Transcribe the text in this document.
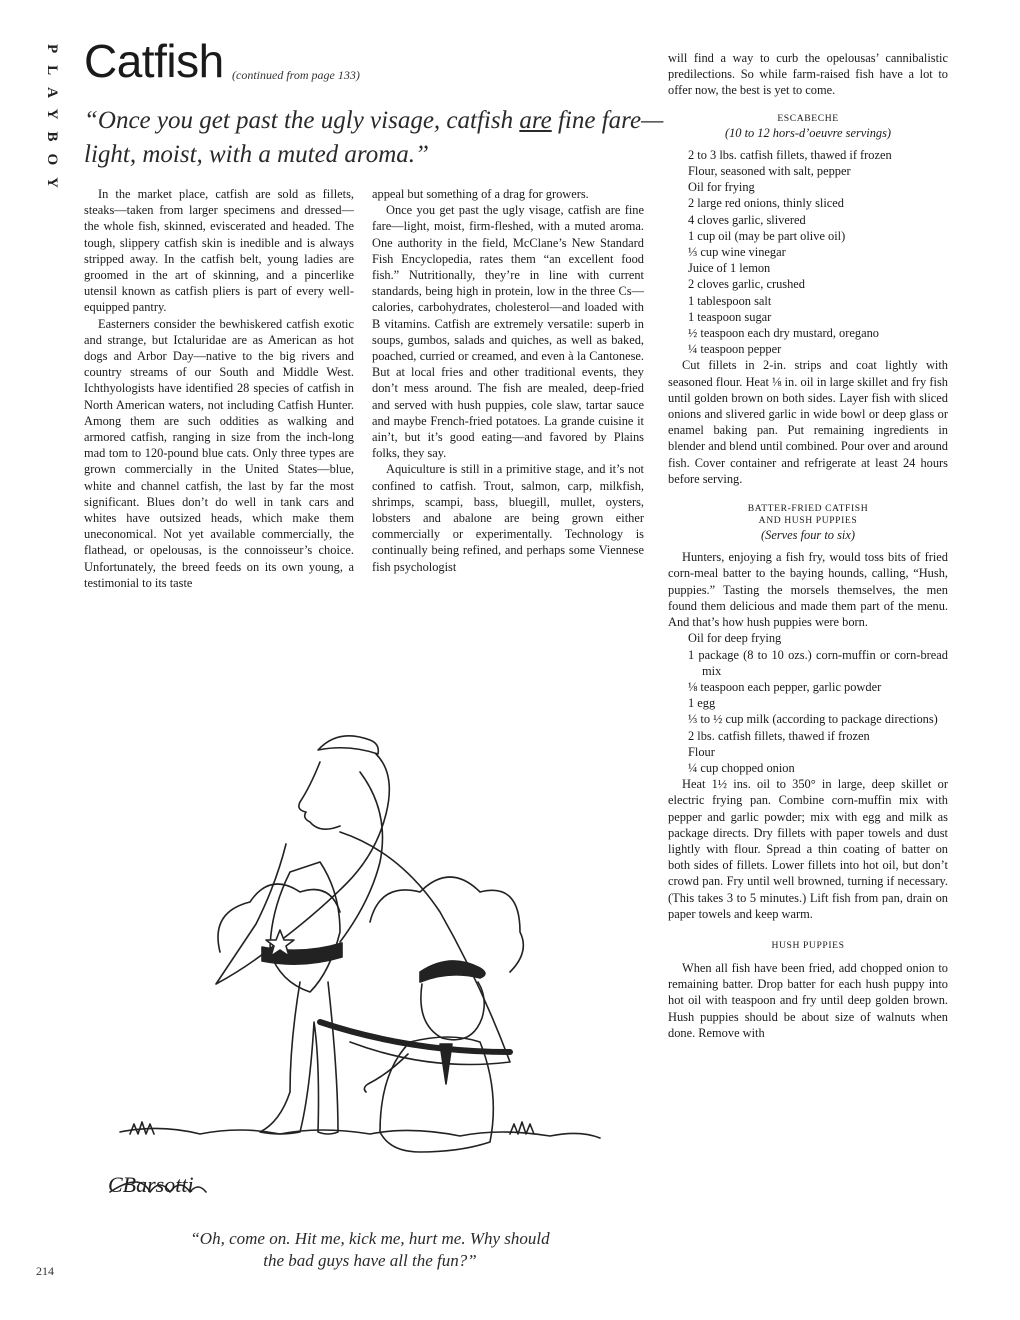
PLAYBOY Catfish (continued from page 133)
“Once you get past the ugly visage, catfish are fine fare—light, moist, with a muted aroma.”

In the market place, catfish are sold as fillets, steaks—taken from larger specimens and dressed—the whole fish, skinned, eviscerated and headed. The tough, slippery catfish skin is inedible and is always stripped away. In the catfish belt, young ladies are groomed in the art of skinning, and a pincerlike utensil known as catfish pliers is part of every well-equipped pantry.

Easterners consider the bewhiskered catfish exotic and strange, but Ictaluridae are as American as hot dogs and Arbor Day—native to the big rivers and country streams of our South and Middle West. Ichthyologists have identified 28 species of catfish in North American waters, not including Catfish Hunter. Among them are such oddities as walking and armored catfish, ranging in size from the inch-long mad tom to 120-pound blue cats. Only three types are grown commercially in the United States—blue, white and channel catfish, the last by far the most significant. Blues don’t do well in tank cars and whites have outsized heads, which make them uneconomical. Not yet available commercially, the flathead, or opelousas, is the connoisseur’s choice. Unfortunately, the breed feeds on its own young, a testimonial to its taste

appeal but something of a drag for growers.

Once you get past the ugly visage, catfish are fine fare—light, moist, firm-fleshed, with a muted aroma. One authority in the field, McClane’s New Standard Fish Encyclopedia, rates them “an excellent food fish.” Nutritionally, they’re in line with current standards, being high in protein, low in the three Cs—calories, carbohydrates, cholesterol—and loaded with B vitamins. Catfish are extremely versatile: superb in soups, gumbos, salads and quiches, as well as baked, poached, curried or creamed, and even à la Cantonese. But at local fries and other traditional events, they don’t mess around. The fish are mealed, deep-fried and served with hush puppies, cole slaw, tartar sauce and maybe French-fried potatoes. La grande cuisine it ain’t, but it’s good eating—and favored by Plains folks, they say.

Aquiculture is still in a primitive stage, and it’s not confined to catfish. Trout, salmon, carp, milkfish, shrimps, scampi, bass, bluegill, mullet, oysters, lobsters and abalone are being grown either commercially or experimentally. Technology is continually being refined, and perhaps some Viennese fish psychologist

will find a way to curb the opelousas’ cannibalistic predilections. So while farm-raised fish have a lot to offer now, the best is yet to come.

ESCABECHE
(10 to 12 hors-d’oeuvre servings)
2 to 3 lbs. catfish fillets, thawed if frozen
Flour, seasoned with salt, pepper
Oil for frying
2 large red onions, thinly sliced
4 cloves garlic, slivered
1 cup oil (may be part olive oil)
⅓ cup wine vinegar
Juice of 1 lemon
2 cloves garlic, crushed
1 tablespoon salt
1 teaspoon sugar
½ teaspoon each dry mustard, oregano
¼ teaspoon pepper

Cut fillets in 2-in. strips and coat lightly with seasoned flour. Heat ⅛ in. oil in large skillet and fry fish until golden brown on both sides. Layer fish with sliced onions and slivered garlic in wide bowl or deep glass or enamel baking pan. Put remaining ingredients in blender and blend until combined. Pour over and around fish. Cover container and refrigerate at least 24 hours before serving.

BATTER-FRIED CATFISH
AND HUSH PUPPIES
(Serves four to six)

Hunters, enjoying a fish fry, would toss bits of fried corn-meal batter to the baying hounds, calling, “Hush, puppies.” Tasting the morsels themselves, the men found them delicious and made them part of the menu. And that’s how hush puppies were born.

Oil for deep frying
1 package (8 to 10 ozs.) corn-muffin or corn-bread mix
⅛ teaspoon each pepper, garlic powder
1 egg
⅓ to ½ cup milk (according to package directions)
2 lbs. catfish fillets, thawed if frozen
Flour
¼ cup chopped onion

Heat 1½ ins. oil to 350° in large, deep skillet or electric frying pan. Combine corn-muffin mix with pepper and garlic powder; mix with egg and milk as package directs. Dry fillets with paper towels and dust lightly with flour. Spread a thin coating of batter on both sides of fillets. Lower fillets into hot oil, but don’t crowd pan. Fry until well browned, turning if necessary. (This takes 3 to 5 minutes.) Lift fish from pan, drain on paper towels and keep warm.

HUSH PUPPIES

When all fish have been fried, add chopped onion to remaining batter. Drop batter for each hush puppy into hot oil with teaspoon and fry until deep golden brown. Hush puppies should be about size of walnuts when done. Remove with

CBarsotti
“Oh, come on. Hit me, kick me, hurt me. Why should
the bad guys have all the fun?”
214
